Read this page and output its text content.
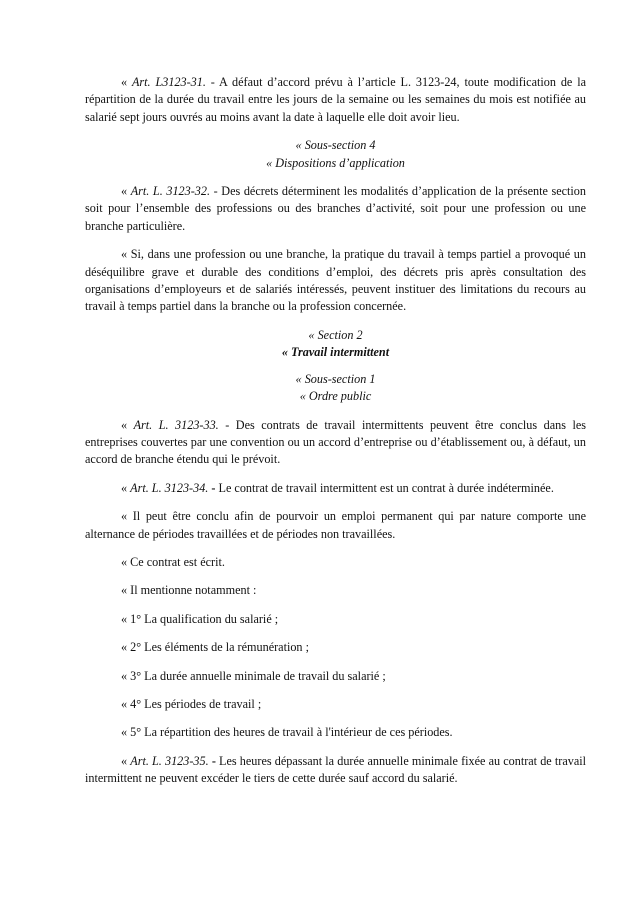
« Art. L3123-31. - A défaut d’accord prévu à l’article L. 3123-24, toute modification de la répartition de la durée du travail entre les jours de la semaine ou les semaines du mois est notifiée au salarié sept jours ouvrés au moins avant la date à laquelle elle doit avoir lieu.

« Sous-section 4

« Dispositions d’application

« Art. L. 3123-32. - Des décrets déterminent les modalités d’application de la présente section soit pour l’ensemble des professions ou des branches d’activité, soit pour une profession ou une branche particulière.

« Si, dans une profession ou une branche, la pratique du travail à temps partiel a provoqué un déséquilibre grave et durable des conditions d’emploi, des décrets pris après consultation des organisations d’employeurs et de salariés intéressés, peuvent instituer des limitations du recours au travail à temps partiel dans la branche ou la profession concernée.

« Section 2

« Travail intermittent

« Sous-section 1

« Ordre public

« Art. L. 3123-33. - Des contrats de travail intermittents peuvent être conclus dans les entreprises couvertes par une convention ou un accord d’entreprise ou d’établissement ou, à défaut, un accord de branche étendu qui le prévoit.

« Art. L. 3123-34. - Le contrat de travail intermittent est un contrat à durée indéterminée.

« Il peut être conclu afin de pourvoir un emploi permanent qui par nature comporte une alternance de périodes travaillées et de périodes non travaillées.

« Ce contrat est écrit.

« Il mentionne notamment :

« 1° La qualification du salarié ;

« 2° Les éléments de la rémunération ;

« 3° La durée annuelle minimale de travail du salarié ;

« 4° Les périodes de travail ;

« 5° La répartition des heures de travail à l'intérieur de ces périodes.

« Art. L. 3123-35. - Les heures dépassant la durée annuelle minimale fixée au contrat de travail intermittent ne peuvent excéder le tiers de cette durée sauf accord du salarié.
